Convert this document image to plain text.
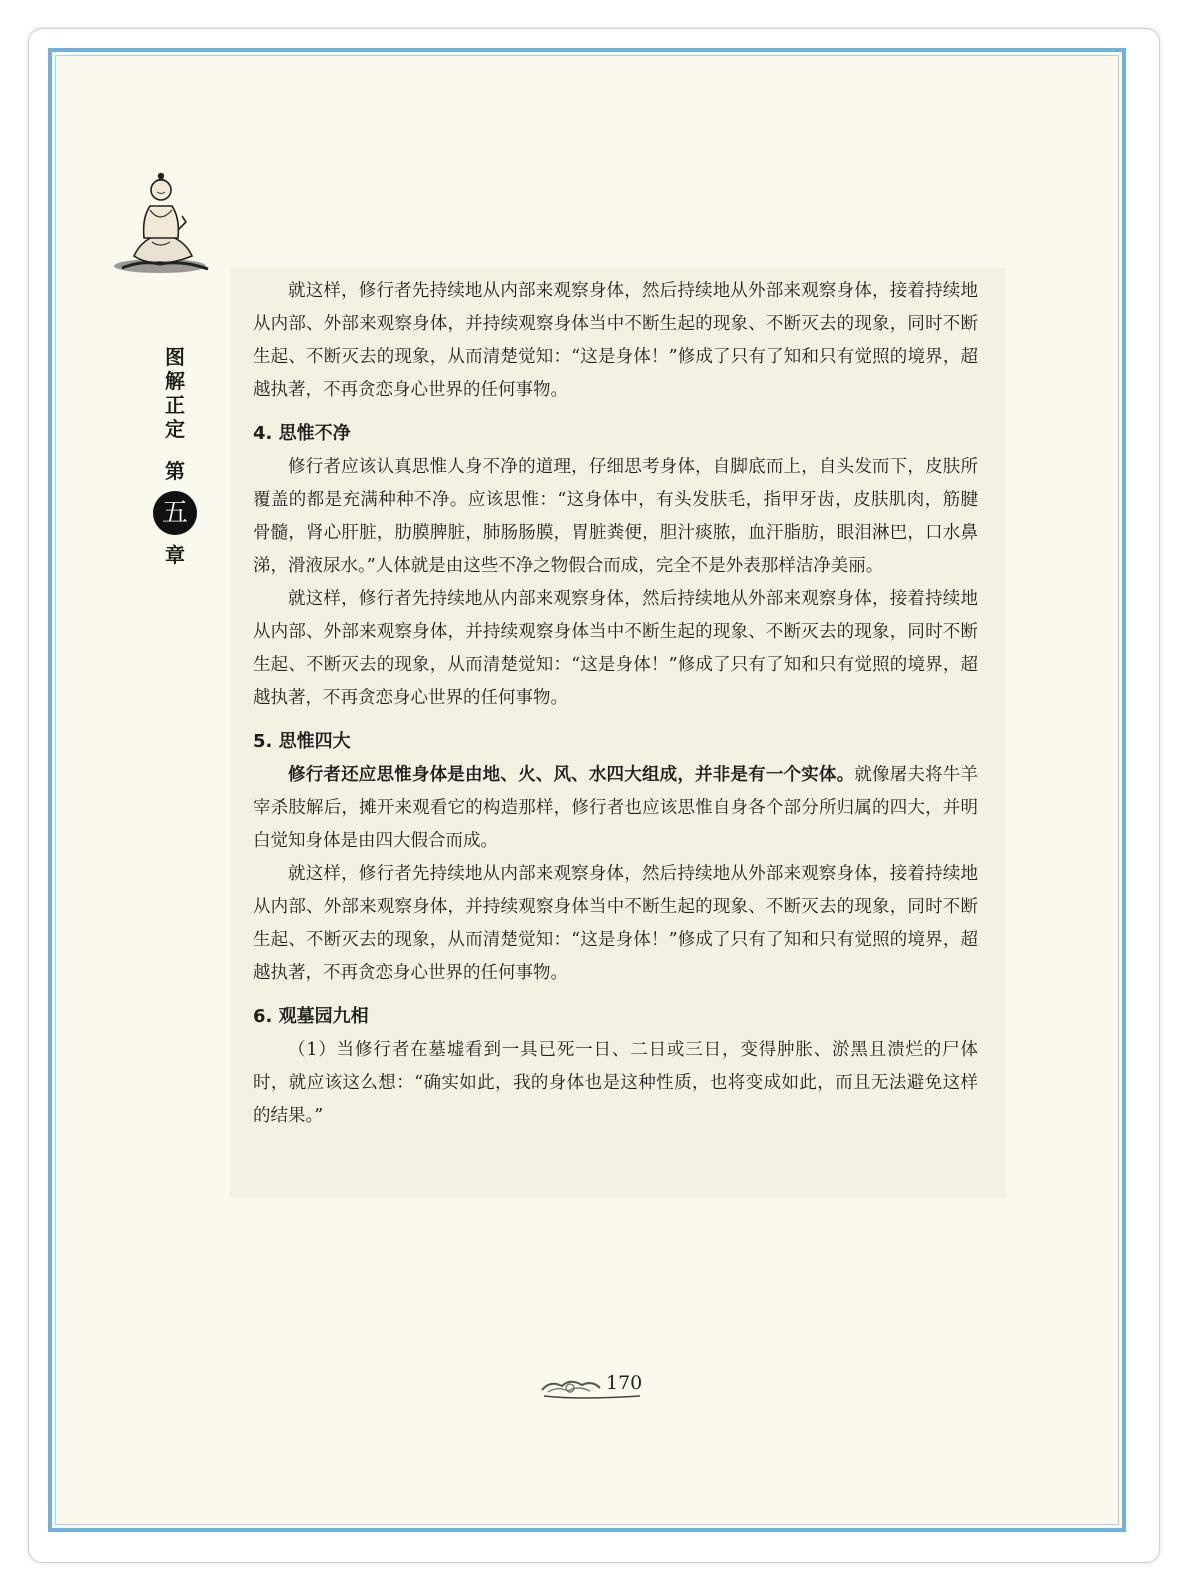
图
解
正
定
第
五
章

就这样，修行者先持续地从内部来观察身体，然后持续地从外部来观察身体，接着持续地从内部、外部来观察身体，并持续观察身体当中不断生起的现象、不断灭去的现象，同时不断生起、不断灭去的现象，从而清楚觉知：“这是身体！”修成了只有了知和只有觉照的境界，超越执著，不再贪恋身心世界的任何事物。

4. 思惟不净

修行者应该认真思惟人身不净的道理，仔细思考身体，自脚底而上，自头发而下，皮肤所覆盖的都是充满种种不净。应该思惟：“这身体中，有头发肤毛，指甲牙齿，皮肤肌肉，筋腱骨髓，肾心肝脏，肋膜脾脏，肺肠肠膜，胃脏粪便，胆汁痰脓，血汗脂肪，眼泪淋巴，口水鼻涕，滑液尿水。”人体就是由这些不净之物假合而成，完全不是外表那样洁净美丽。

就这样，修行者先持续地从内部来观察身体，然后持续地从外部来观察身体，接着持续地从内部、外部来观察身体，并持续观察身体当中不断生起的现象、不断灭去的现象，同时不断生起、不断灭去的现象，从而清楚觉知：“这是身体！”修成了只有了知和只有觉照的境界，超越执著，不再贪恋身心世界的任何事物。

5. 思惟四大

修行者还应思惟身体是由地、火、风、水四大组成，并非是有一个实体。就像屠夫将牛羊宰杀肢解后，摊开来观看它的构造那样，修行者也应该思惟自身各个部分所归属的四大，并明白觉知身体是由四大假合而成。

就这样，修行者先持续地从内部来观察身体，然后持续地从外部来观察身体，接着持续地从内部、外部来观察身体，并持续观察身体当中不断生起的现象、不断灭去的现象，同时不断生起、不断灭去的现象，从而清楚觉知：“这是身体！”修成了只有了知和只有觉照的境界，超越执著，不再贪恋身心世界的任何事物。

6. 观墓园九相

（1）当修行者在墓墟看到一具已死一日、二日或三日，变得肿胀、淤黑且溃烂的尸体时，就应该这么想：“确实如此，我的身体也是这种性质，也将变成如此，而且无法避免这样的结果。”

170
